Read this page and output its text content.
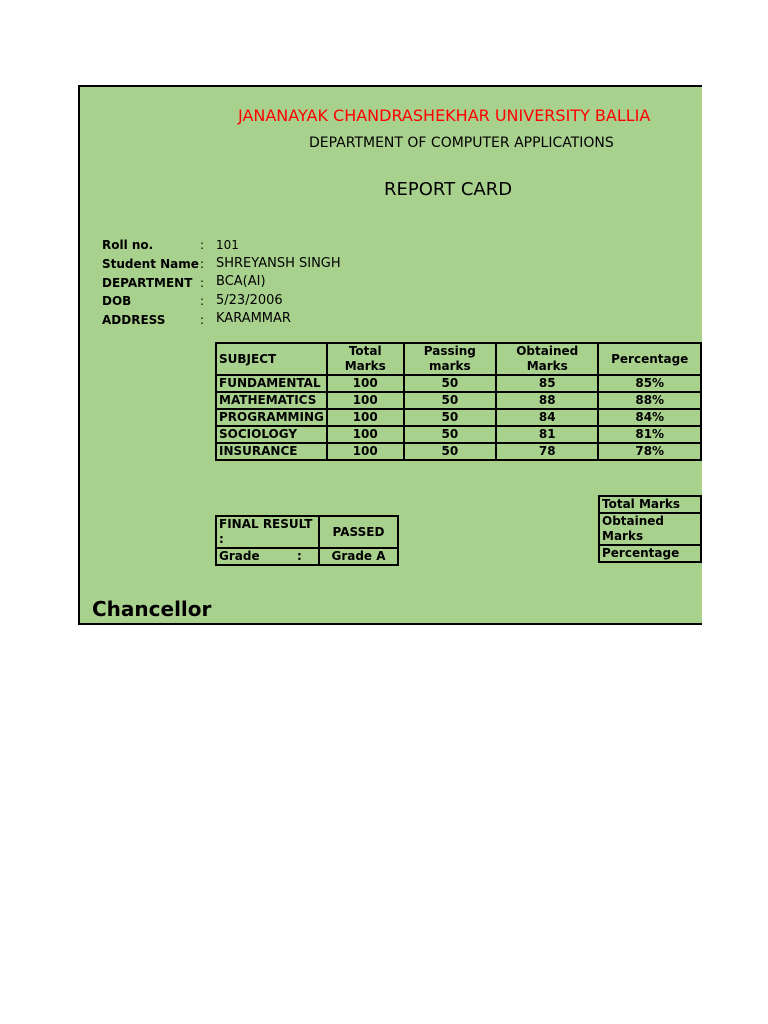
JANANAYAK CHANDRASHEKHAR UNIVERSITY BALLIA
DEPARTMENT OF COMPUTER APPLICATIONS
REPORT CARD
Roll no.	: 101
Student Name : SHREYANSH SINGH
DEPARTMENT : BCA(AI)
DOB	: 5/23/2006
ADDRESS	: KARAMMAR
SUBJECT	Total Marks	Passing marks	Obtained Marks	Percentage
FUNDAMENTAL	100	50	85	85%
MATHEMATICS	100	50	88	88%
PROGRAMMING	100	50	84	84%
SOCIOLOGY	100	50	81	81%
INSURANCE	100	50	78	78%
FINAL RESULT :	PASSED
Grade :	Grade A
Total Marks
Obtained Marks
Percentage
Chancellor
